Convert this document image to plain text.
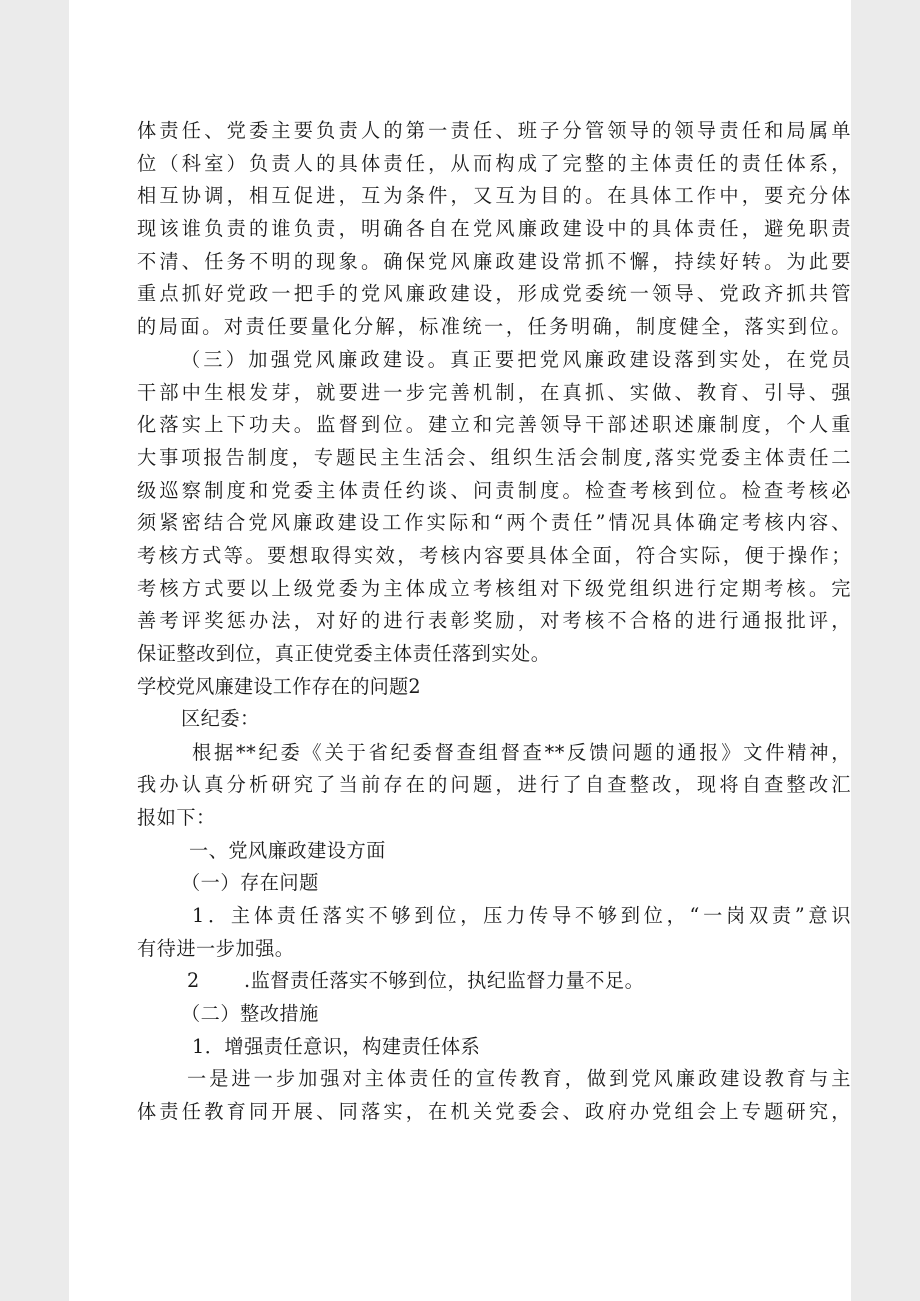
体责任、党委主要负责人的第一责任、班子分管领导的领导责任和局属单

位（科室）负责人的具体责任，从而构成了完整的主体责任的责任体系，

相互协调，相互促进，互为条件，又互为目的。在具体工作中，要充分体

现该谁负责的谁负责，明确各自在党风廉政建设中的具体责任，避免职责

不清、任务不明的现象。确保党风廉政建设常抓不懈，持续好转。为此要

重点抓好党政一把手的党风廉政建设，形成党委统一领导、党政齐抓共管

的局面。对责任要量化分解，标准统一，任务明确，制度健全，落实到位。

（三）加强党风廉政建设。真正要把党风廉政建设落到实处，在党员

干部中生根发芽，就要进一步完善机制，在真抓、实做、教育、引导、强

化落实上下功夫。监督到位。建立和完善领导干部述职述廉制度，个人重

大事项报告制度，专题民主生活会、组织生活会制度,落实党委主体责任二

级巡察制度和党委主体责任约谈、问责制度。检查考核到位。检查考核必

须紧密结合党风廉政建设工作实际和“两个责任”情况具体确定考核内容、

考核方式等。要想取得实效，考核内容要具体全面，符合实际，便于操作；

考核方式要以上级党委为主体成立考核组对下级党组织进行定期考核。完

善考评奖惩办法，对好的进行表彰奖励，对考核不合格的进行通报批评，

保证整改到位，真正使党委主体责任落到实处。

学校党风廉建设工作存在的问题2

区纪委：

根据**纪委《关于省纪委督查组督查**反馈问题的通报》文件精神，

我办认真分析研究了当前存在的问题，进行了自查整改，现将自查整改汇

报如下：

一、党风廉政建设方面

（一）存在问题

1．主体责任落实不够到位，压力传导不够到位，“一岗双责”意识

有待进一步加强。

2 .监督责任落实不够到位，执纪监督力量不足。

（二）整改措施

1．增强责任意识，构建责任体系

一是进一步加强对主体责任的宣传教育，做到党风廉政建设教育与主

体责任教育同开展、同落实，在机关党委会、政府办党组会上专题研究，
